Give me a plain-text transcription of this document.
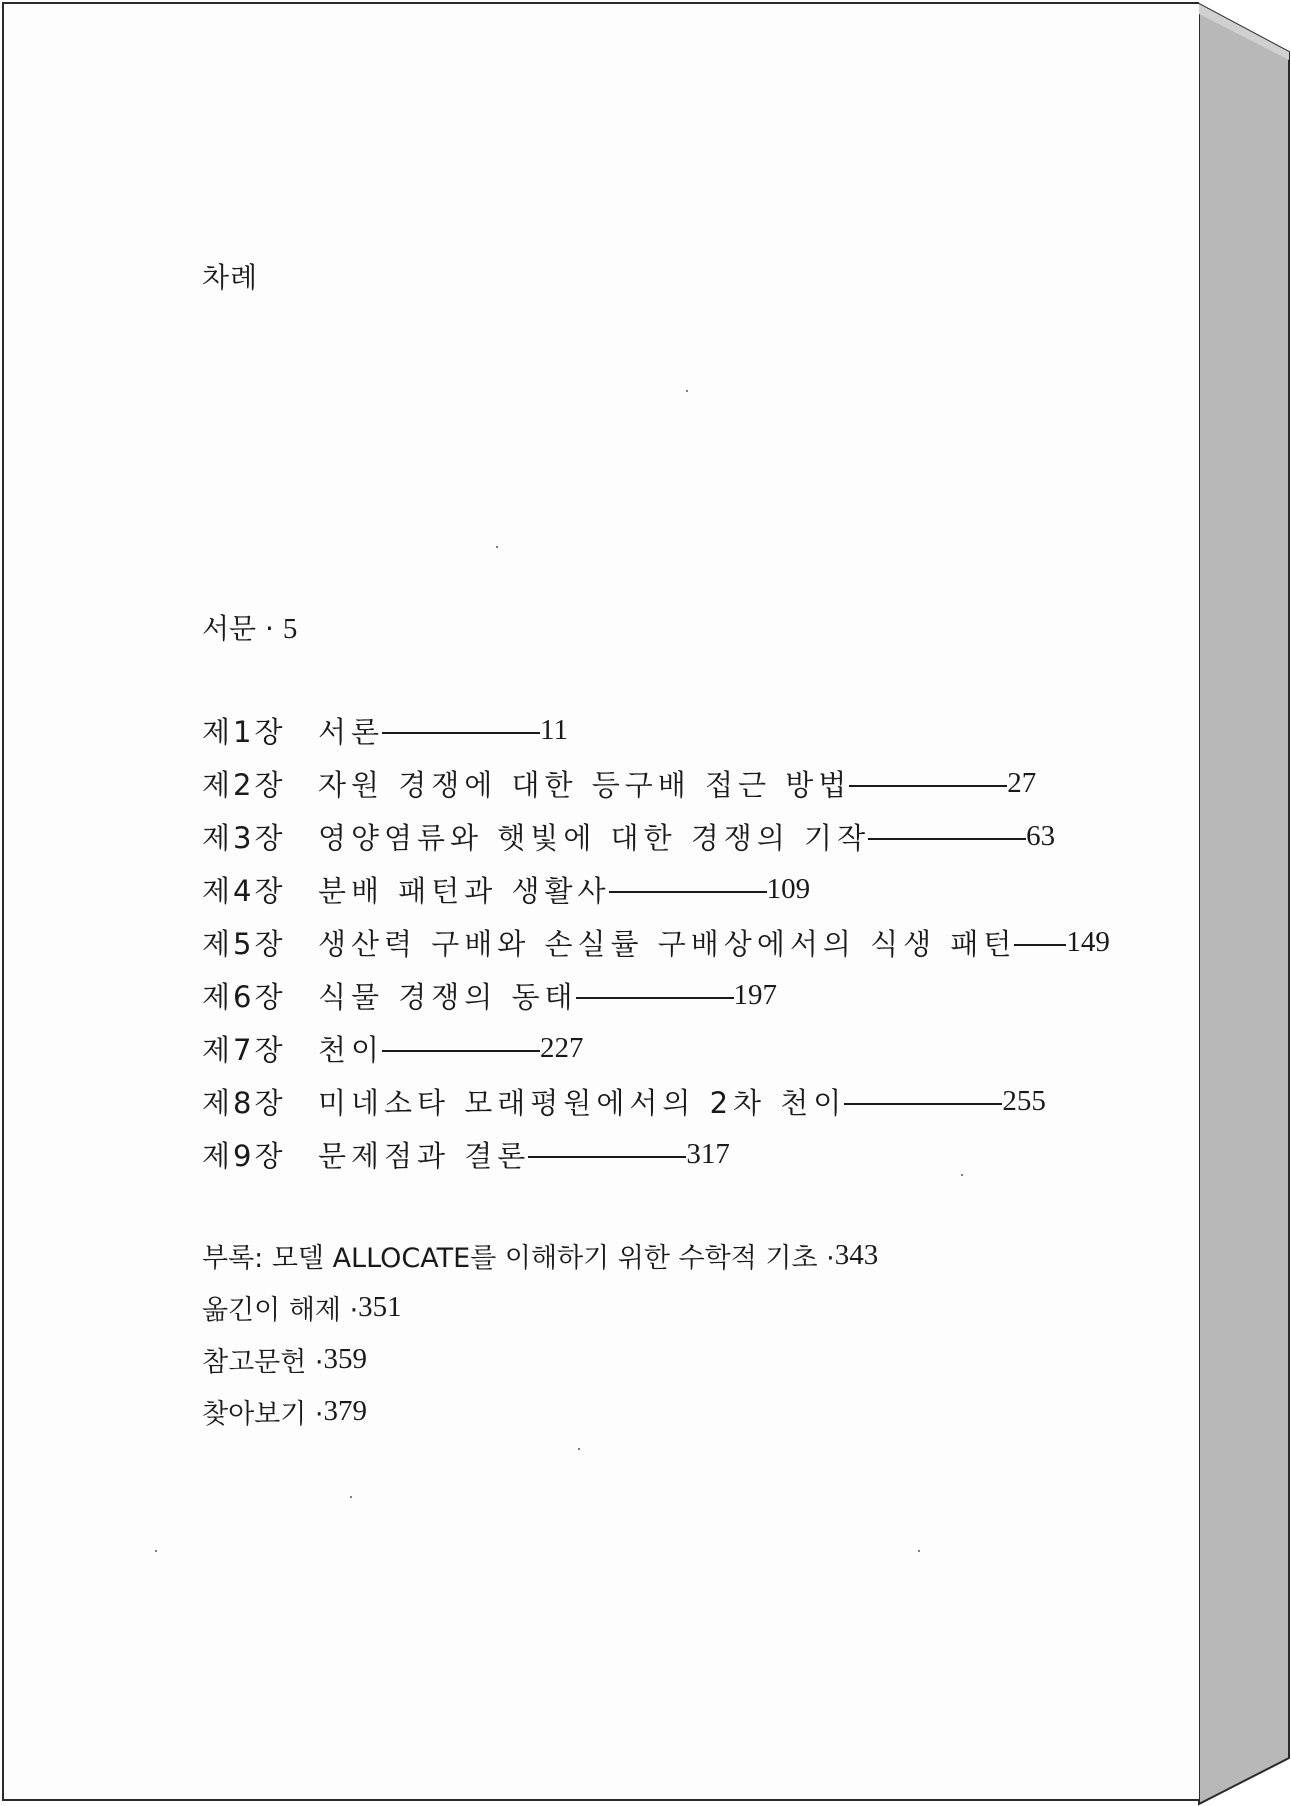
차례
서문 · 5
제1장	서론	11
제2장	자원 경쟁에 대한 등구배 접근 방법	27
제3장	영양염류와 햇빛에 대한 경쟁의 기작	63
제4장	분배 패턴과 생활사	109
제5장	생산력 구배와 손실률 구배상에서의 식생 패턴 149
제6장	식물 경쟁의 동태	197
제7장	천이	227
제8장	미네소타 모래평원에서의 2차 천이	255
제9장	문제점과 결론	317
부록: 모델 ALLOCATE를 이해하기 위한 수학적 기초 · 343
옮긴이 해제 · 351
참고문헌 · 359
찾아보기 · 379
